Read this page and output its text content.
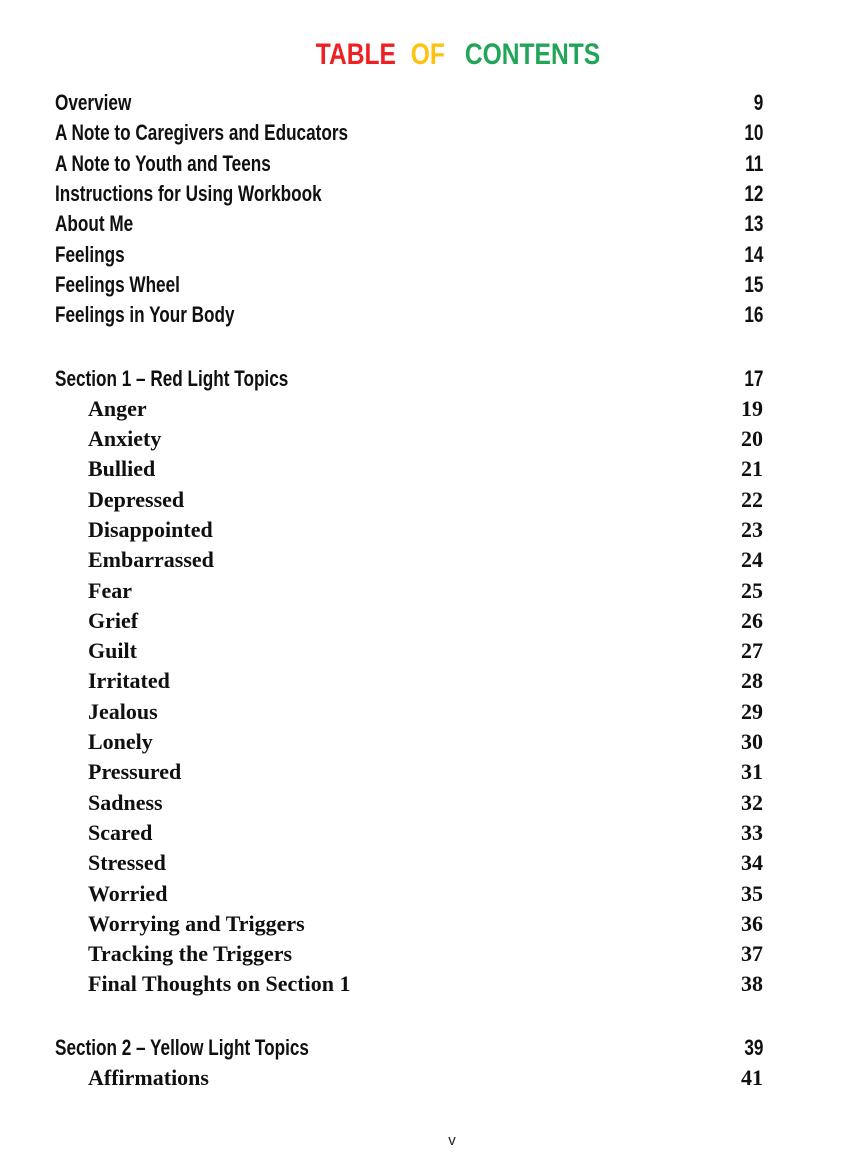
TABLE OF CONTENTS
Overview	9
A Note to Caregivers and Educators	10
A Note to Youth and Teens	11
Instructions for Using Workbook	12
About Me	13
Feelings	14
Feelings Wheel	15
Feelings in Your Body	16
Section 1 – Red Light Topics	17
Anger	19
Anxiety	20
Bullied	21
Depressed	22
Disappointed	23
Embarrassed	24
Fear	25
Grief	26
Guilt	27
Irritated	28
Jealous	29
Lonely	30
Pressured	31
Sadness	32
Scared	33
Stressed	34
Worried	35
Worrying and Triggers	36
Tracking the Triggers	37
Final Thoughts on Section 1	38
Section 2 – Yellow Light Topics	39
Affirmations	41
v
